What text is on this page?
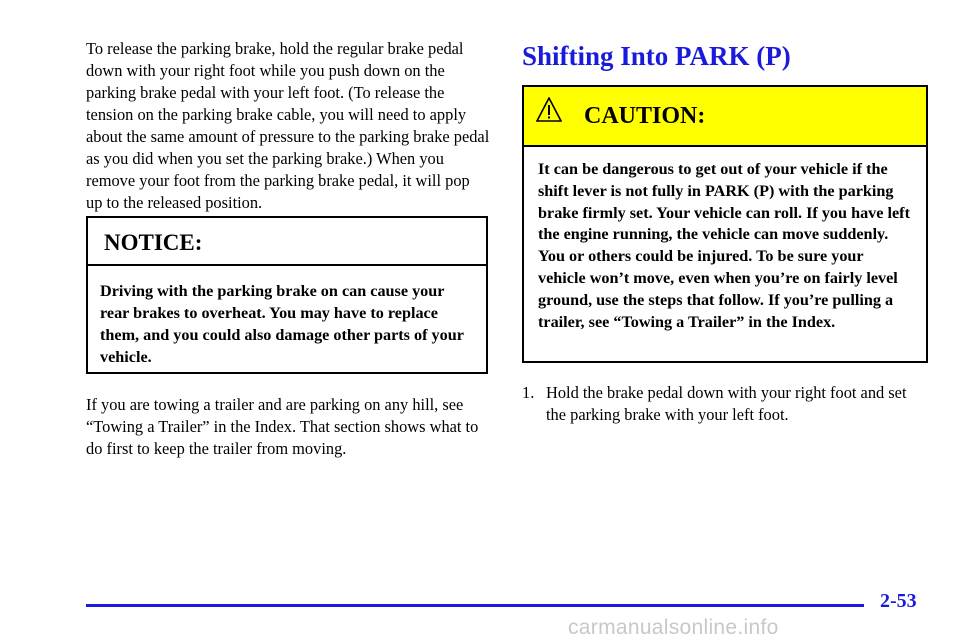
To release the parking brake, hold the regular brake pedal down with your right foot while you push down on the parking brake pedal with your left foot. (To release the tension on the parking brake cable, you will need to apply about the same amount of pressure to the parking brake pedal as you did when you set the parking brake.) When you remove your foot from the parking brake pedal, it will pop up to the released position.

NOTICE:
Driving with the parking brake on can cause your rear brakes to overheat. You may have to replace them, and you could also damage other parts of your vehicle.

If you are towing a trailer and are parking on any hill, see “Towing a Trailer” in the Index. That section shows what to do first to keep the trailer from moving.

Shifting Into PARK (P)
CAUTION:
It can be dangerous to get out of your vehicle if the shift lever is not fully in PARK (P) with the parking brake firmly set. Your vehicle can roll. If you have left the engine running, the vehicle can move suddenly. You or others could be injured. To be sure your vehicle won’t move, even when you’re on fairly level ground, use the steps that follow. If you’re pulling a trailer, see “Towing a Trailer” in the Index.
1. Hold the brake pedal down with your right foot and set the parking brake with your left foot.
2-53
carmanualsonline.info
